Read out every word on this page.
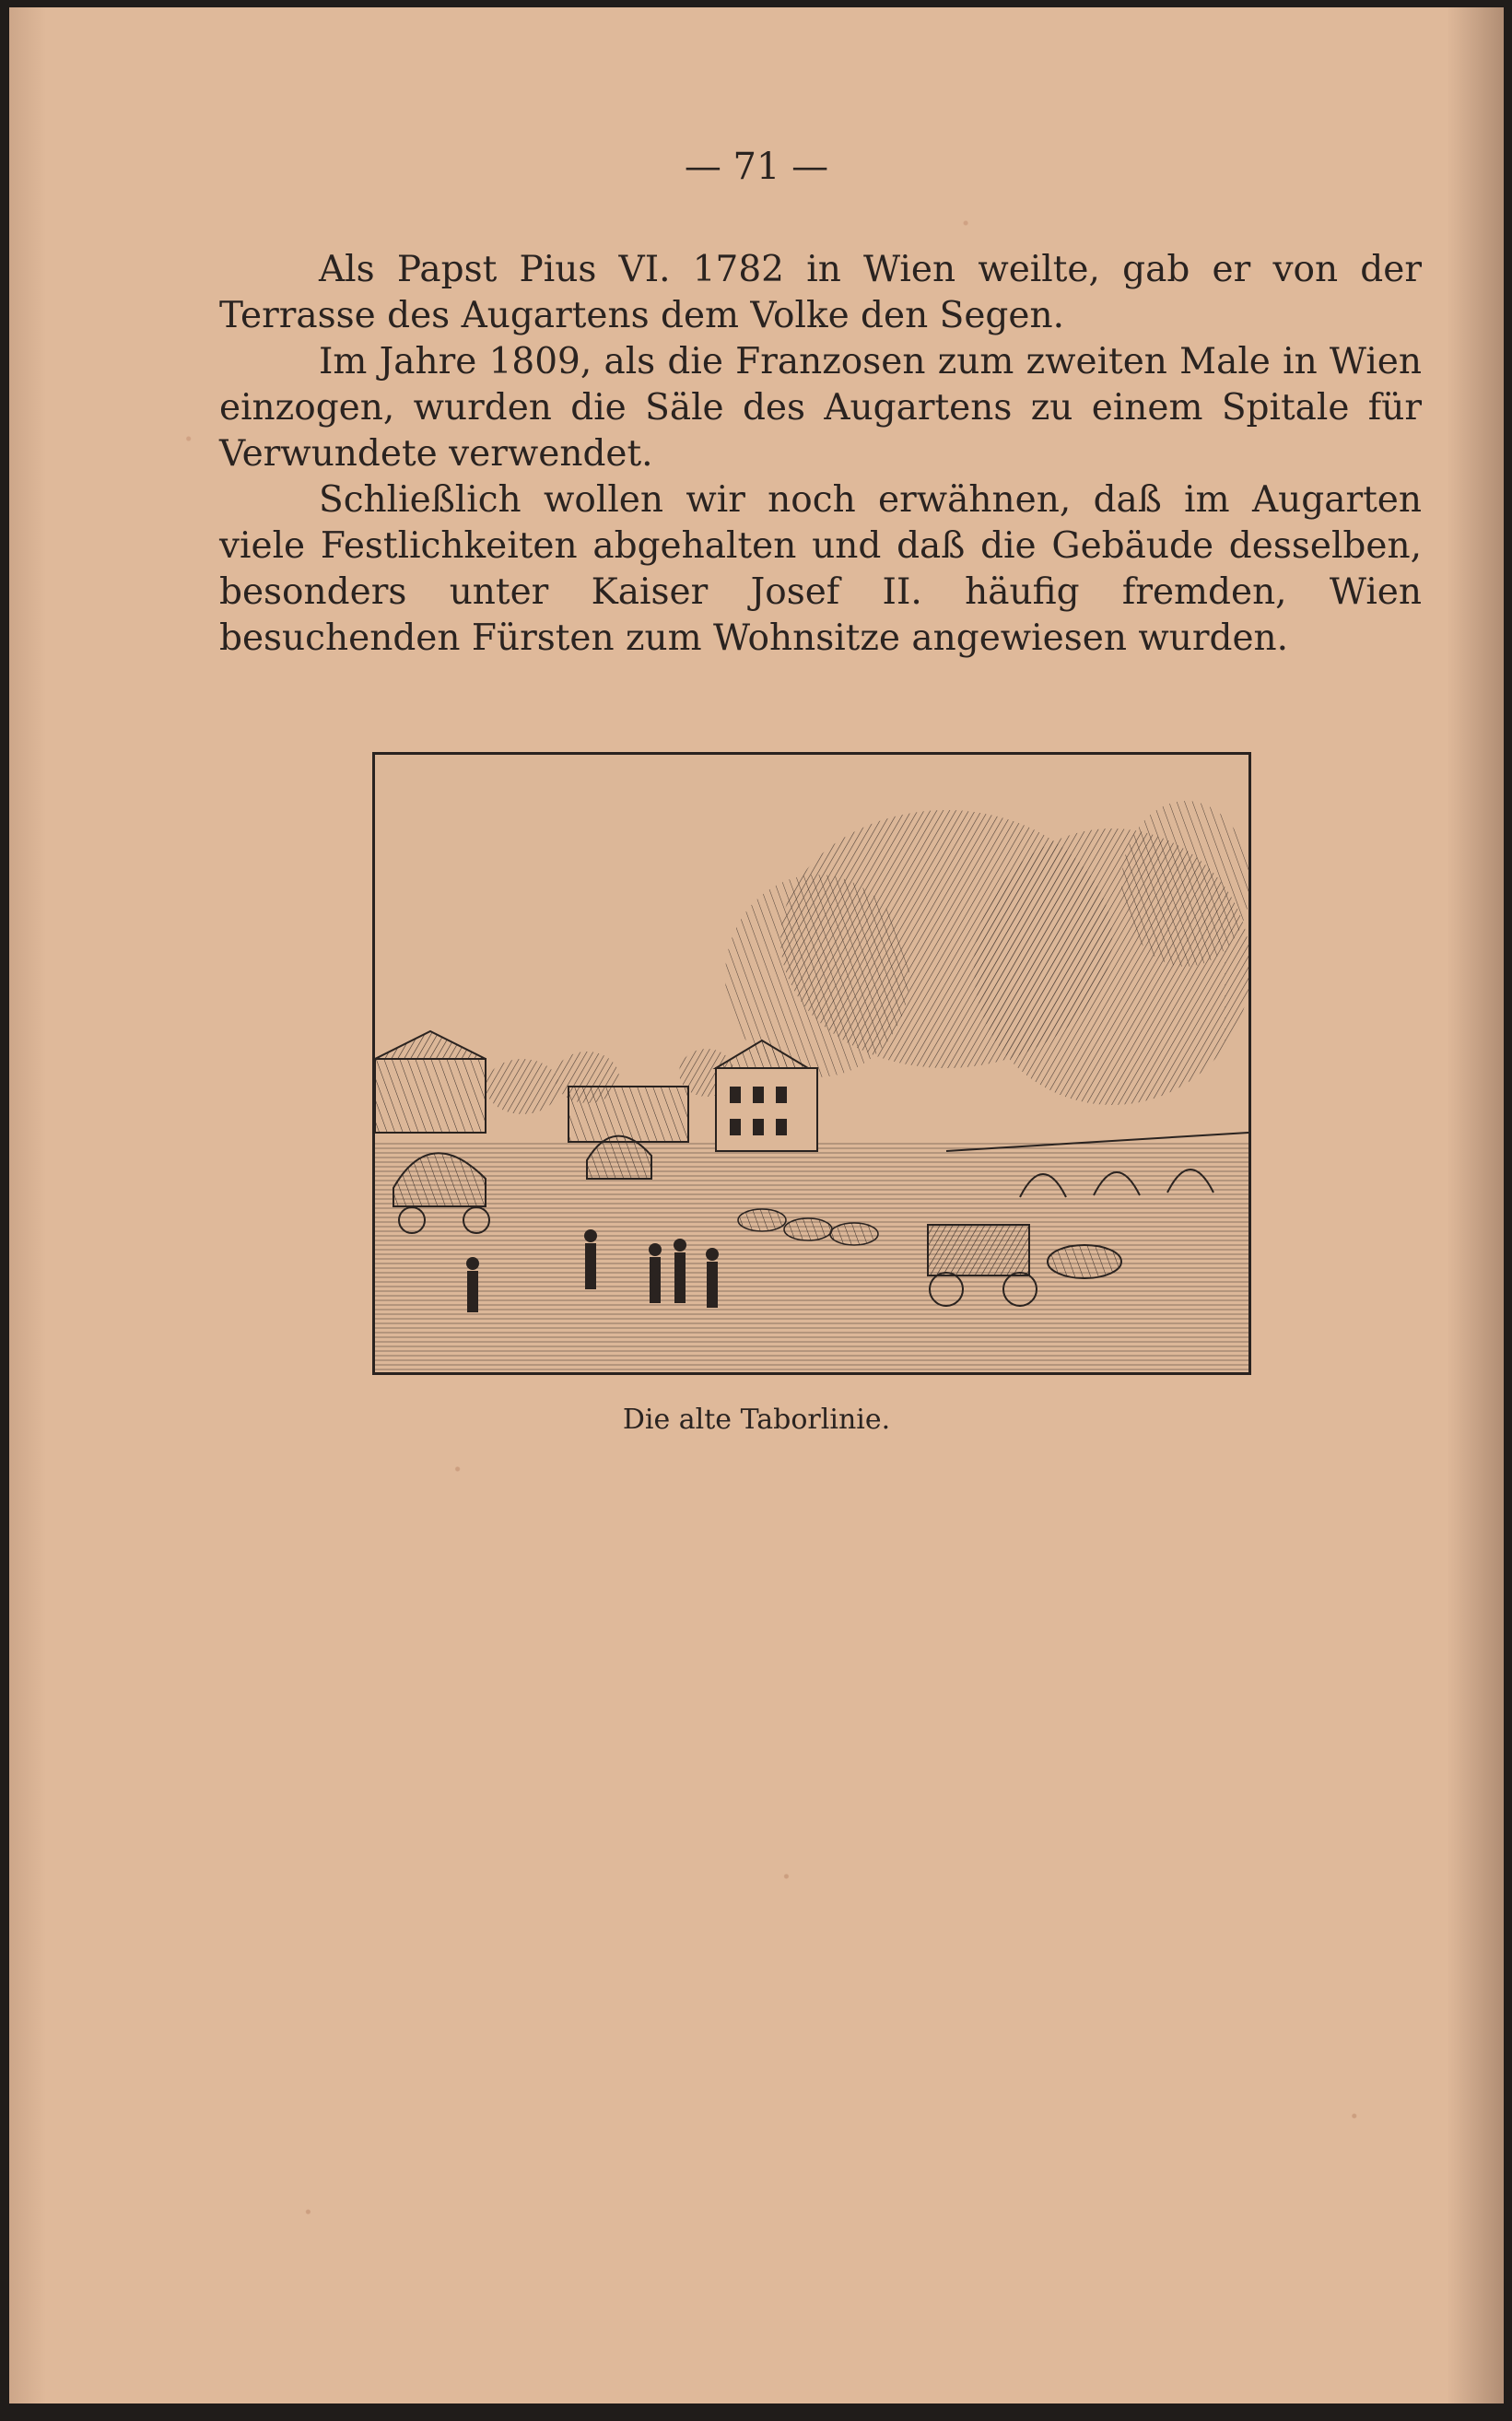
— 71 —

Als Papst Pius VI. 1782 in Wien weilte, gab er von der Terrasse des Augartens dem Volke den Segen.

Im Jahre 1809, als die Franzosen zum zweiten Male in Wien einzogen, wurden die Säle des Augartens zu einem Spitale für Verwundete verwendet.

Schließlich wollen wir noch erwähnen, daß im Augarten viele Festlichkeiten abgehalten und daß die Gebäude desselben, besonders unter Kaiser Josef II. häufig fremden, Wien besuchenden Fürsten zum Wohnsitze angewiesen wurden.

Die alte Taborlinie.
